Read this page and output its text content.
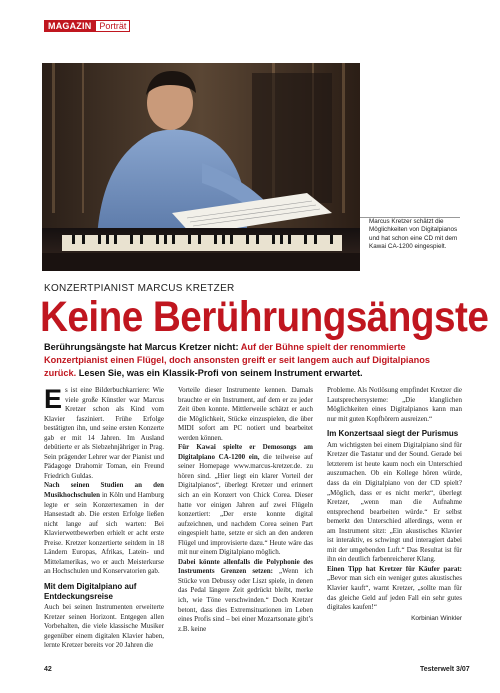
MAGAZIN Porträt
Marcus Kretzer schätzt die Möglichkeiten von Digitalpianos und hat schon eine CD mit dem Kawai CA-1200 eingespielt.
KONZERTPIANIST MARCUS KRETZER
Keine Berührungsängste
Berührungsängste hat Marcus Kretzer nicht: Auf der Bühne spielt der renommierte Konzertpianist einen Flügel, doch ansonsten greift er seit langem auch auf Digitalpianos zurück. Lesen Sie, was ein Klassik-Profi von seinem Instrument erwartet.

Es ist eine Bilderbuchkarriere: Wie viele große Künstler war Marcus Kretzer schon als Kind vom Klavier fasziniert. Frühe Erfolge bestätigten ihn, und seine ersten Konzerte gab er mit 14 Jahren. Im Ausland debütierte er als Siebzehnjähriger in Prag. Sein prägender Lehrer war der Pianist und Pädagoge Drahomir Toman, ein Freund Friedrich Guldas.

Nach seinen Studien an den Musikhochschulen in Köln und Hamburg legte er sein Konzertexamen in der Hansestadt ab. Die ersten Erfolge ließen nicht lange auf sich warten: Bei Klavierwettbewerben erhielt er acht erste Preise. Kretzer konzertierte seitdem in 18 Ländern Europas, Afrikas, Latein- und Mittelamerikas, wo er auch Meisterkurse an Hochschulen und Konservatorien gab.

Mit dem Digitalpiano auf Entdeckungsreise

Auch bei seinen Instrumenten erweiterte Kretzer seinen Horizont. Entgegen allen Vorbehalten, die viele klassische Musiker gegenüber einem digitalen Klavier haben, lernte Kretzer bereits vor 20 Jahren die

Vorteile dieser Instrumente kennen. Damals brauchte er ein Instrument, auf dem er zu jeder Zeit üben konnte. Mittlerweile schätzt er auch die Möglichkeit, Stücke einzuspielen, die über MIDI sofort am PC notiert und bearbeitet werden können.

Für Kawai spielte er Demosongs am Digitalpiano CA-1200 ein, die teilweise auf seiner Homepage www.marcus-kretzer.de. zu hören sind. „Hier liegt ein klarer Vorteil der Digitalpianos“, überlegt Kretzer und erinnert sich an ein Konzert von Chick Corea. Dieser hatte vor einigen Jahren auf zwei Flügeln konzertiert: „Der erste konnte digital aufzeichnen, und nachdem Corea seinen Part eingespielt hatte, setzte er sich an den anderen Flügel und improvisierte dazu.“ Heute wäre das mit nur einem Digitalpiano möglich.

Dabei könnte allenfalls die Polyphonie des Instruments Grenzen setzen: „Wenn ich Stücke von Debussy oder Liszt spiele, in denen das Pedal längere Zeit gedrückt bleibt, merke ich, wie Töne verschwinden.“ Doch Kretzer betont, dass dies Extremsituationen im Leben eines Profis sind – bei einer Mozartsonate gibt’s z.B. keine

Probleme. Als Notlösung empfindet Kretzer die Lautsprechersysteme: „Die klanglichen Möglichkeiten eines Digitalpianos kann man nur mit guten Kopfhörern ausreizen.“

Im Konzertsaal siegt der Purismus

Am wichtigsten bei einem Digitalpiano sind für Kretzer die Tastatur und der Sound. Gerade bei letzterem ist heute kaum noch ein Unterschied auszumachen. Ob ein Kollege hören würde, dass da ein Digitalpiano von der CD spielt? „Möglich, dass er es nicht merkt“, überlegt Kretzer, „wenn man die Aufnahme entsprechend bearbeiten würde.“ Er selbst bemerkt den Unterschied allerdings, wenn er am Instrument sitzt: „Ein akustisches Klavier ist interaktiv, es schwingt und interagiert dabei mit der umgebenden Luft.“ Das Resultat ist für ihn ein deutlich farbenreicherer Klang.

Einen Tipp hat Kretzer für Käufer parat: „Bevor man sich ein weniger gutes akustisches Klavier kauft“, warnt Kretzer, „sollte man für das gleiche Geld auf jeden Fall ein sehr gutes digitales kaufen!“

Korbinian Winkler
42	Testerwelt 3/07
